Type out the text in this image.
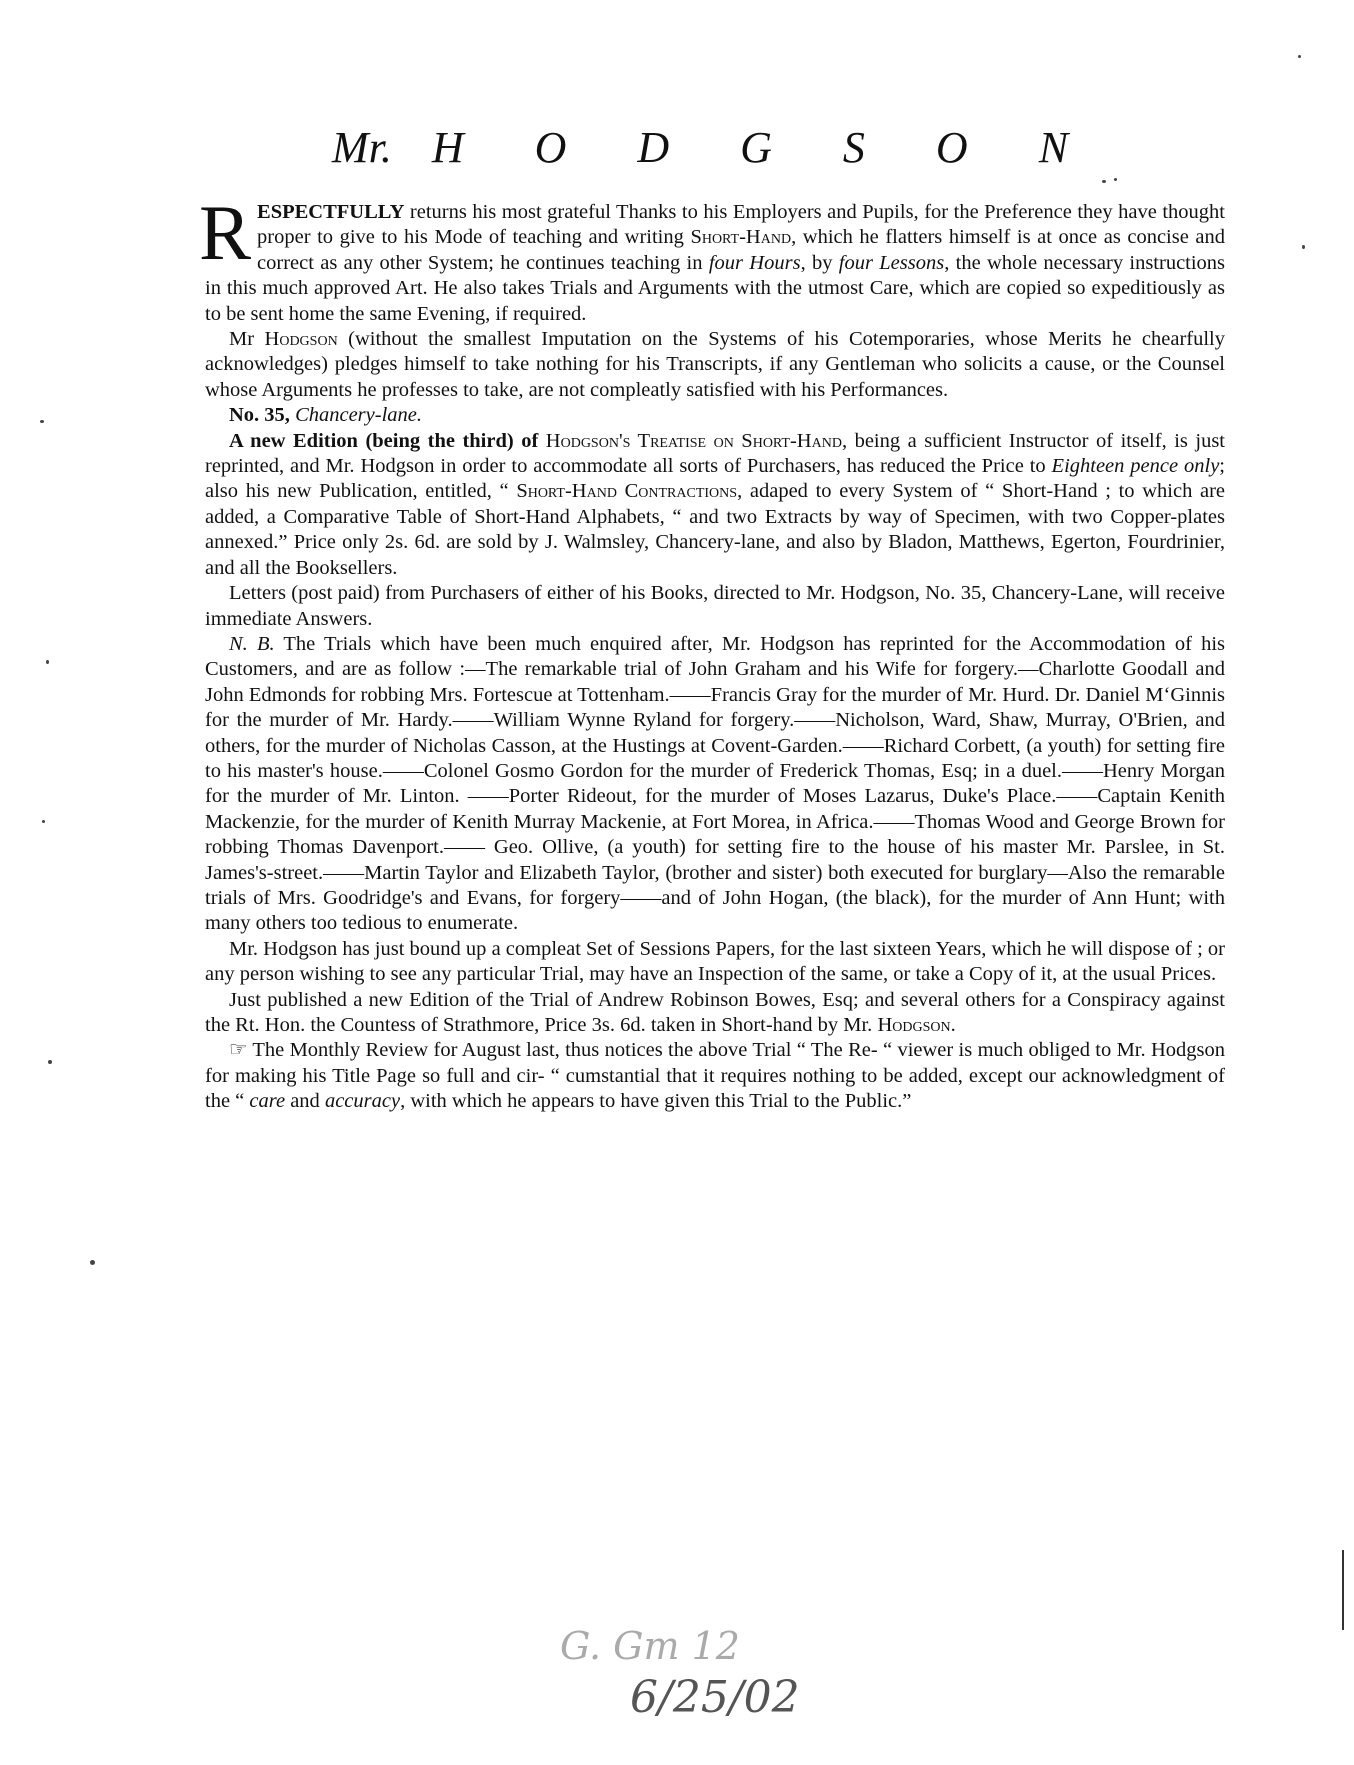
Mr. H O D G S O N

RESPECTFULLY returns his most grateful Thanks to his Employers and Pupils, for the Preference they have thought proper to give to his Mode of teaching and writing Short-Hand, which he flatters himself is at once as concise and correct as any other System; he continues teaching in four Hours, by four Lessons, the whole necessary instructions in this much approved Art. He also takes Trials and Arguments with the utmost Care, which are copied so expeditiously as to be sent home the same Evening, if required.

Mr Hodgson (without the smallest Imputation on the Systems of his Cotemporaries, whose Merits he chearfully acknowledges) pledges himself to take nothing for his Transcripts, if any Gentleman who solicits a cause, or the Counsel whose Arguments he professes to take, are not compleatly satisfied with his Performances.

No. 35, Chancery-lane.

A new Edition (being the third) of Hodgson's Treatise on Short-Hand, being a sufficient Instructor of itself, is just reprinted, and Mr. Hodgson in order to accommodate all sorts of Purchasers, has reduced the Price to Eighteen pence only; also his new Publication, entitled, “ Short-Hand Contractions, adaped to every System of “ Short-Hand ; to which are added, a Comparative Table of Short-Hand Alphabets, “ and two Extracts by way of Specimen, with two Copper-plates annexed.” Price only 2s. 6d. are sold by J. Walmsley, Chancery-lane, and also by Bladon, Matthews, Egerton, Fourdrinier, and all the Booksellers.

Letters (post paid) from Purchasers of either of his Books, directed to Mr. Hodgson, No. 35, Chancery-Lane, will receive immediate Answers.

N. B. The Trials which have been much enquired after, Mr. Hodgson has reprinted for the Accommodation of his Customers, and are as follow :—The remarkable trial of John Graham and his Wife for forgery.—Charlotte Goodall and John Edmonds for robbing Mrs. Fortescue at Tottenham.——Francis Gray for the murder of Mr. Hurd. Dr. Daniel M‘Ginnis for the murder of Mr. Hardy.——William Wynne Ryland for forgery.——Nicholson, Ward, Shaw, Murray, O'Brien, and others, for the murder of Nicholas Casson, at the Hustings at Covent-Garden.——Richard Corbett, (a youth) for setting fire to his master's house.——Colonel Gosmo Gordon for the murder of Frederick Thomas, Esq; in a duel.——Henry Morgan for the murder of Mr. Linton. ——Porter Rideout, for the murder of Moses Lazarus, Duke's Place.——Captain Kenith Mackenzie, for the murder of Kenith Murray Mackenie, at Fort Morea, in Africa.——Thomas Wood and George Brown for robbing Thomas Davenport.—— Geo. Ollive, (a youth) for setting fire to the house of his master Mr. Parslee, in St. James's-street.——Martin Taylor and Elizabeth Taylor, (brother and sister) both executed for burglary—Also the remarable trials of Mrs. Goodridge's and Evans, for forgery——and of John Hogan, (the black), for the murder of Ann Hunt; with many others too tedious to enumerate.

Mr. Hodgson has just bound up a compleat Set of Sessions Papers, for the last sixteen Years, which he will dispose of ; or any person wishing to see any particular Trial, may have an Inspection of the same, or take a Copy of it, at the usual Prices.

Just published a new Edition of the Trial of Andrew Robinson Bowes, Esq; and several others for a Conspiracy against the Rt. Hon. the Countess of Strathmore, Price 3s. 6d. taken in Short-hand by Mr. Hodgson.

☞ The Monthly Review for August last, thus notices the above Trial “ The Re- “ viewer is much obliged to Mr. Hodgson for making his Title Page so full and cir- “ cumstantial that it requires nothing to be added, except our acknowledgment of the “ care and accuracy, with which he appears to have given this Trial to the Public.”

G. Gm 12
6/25/02
